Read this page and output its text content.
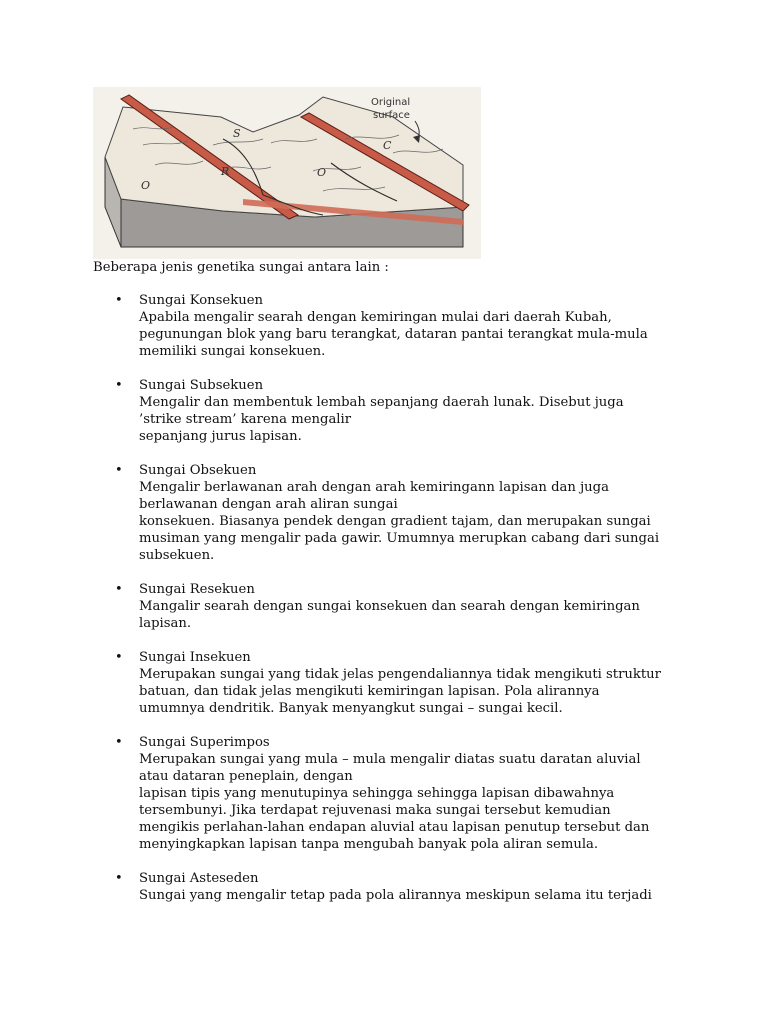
S
C
O
R	O
Original
surface
Beberapa jenis genetika sungai antara lain :
• Sungai Konsekuen
Apabila mengalir searah dengan kemiringan mulai dari daerah Kubah,
pegunungan blok yang baru terangkat, dataran pantai terangkat mula-mula
memiliki sungai konsekuen.
• Sungai Subsekuen
Mengalir dan membentuk lembah sepanjang daerah lunak. Disebut juga
’strike stream’ karena mengalir
sepanjang jurus lapisan.
• Sungai Obsekuen
Mengalir berlawanan arah dengan arah kemiringann lapisan dan juga
berlawanan dengan arah aliran sungai
konsekuen. Biasanya pendek dengan gradient tajam, dan merupakan sungai
musiman yang mengalir pada gawir. Umumnya merupkan cabang dari sungai
subsekuen.
• Sungai Resekuen
Mangalir searah dengan sungai konsekuen dan searah dengan kemiringan
lapisan.
• Sungai Insekuen
Merupakan sungai yang tidak jelas pengendaliannya tidak mengikuti struktur
batuan, dan tidak jelas mengikuti kemiringan lapisan. Pola alirannya
umumnya dendritik. Banyak menyangkut sungai – sungai kecil.
• Sungai Superimpos
Merupakan sungai yang mula – mula mengalir diatas suatu daratan aluvial
atau dataran peneplain, dengan
lapisan tipis yang menutupinya sehingga sehingga lapisan dibawahnya
tersembunyi. Jika terdapat rejuvenasi maka sungai tersebut kemudian
mengikis perlahan-lahan endapan aluvial atau lapisan penutup tersebut dan
menyingkapkan lapisan tanpa mengubah banyak pola aliran semula.
• Sungai Asteseden
Sungai yang mengalir tetap pada pola alirannya meskipun selama itu terjadi
